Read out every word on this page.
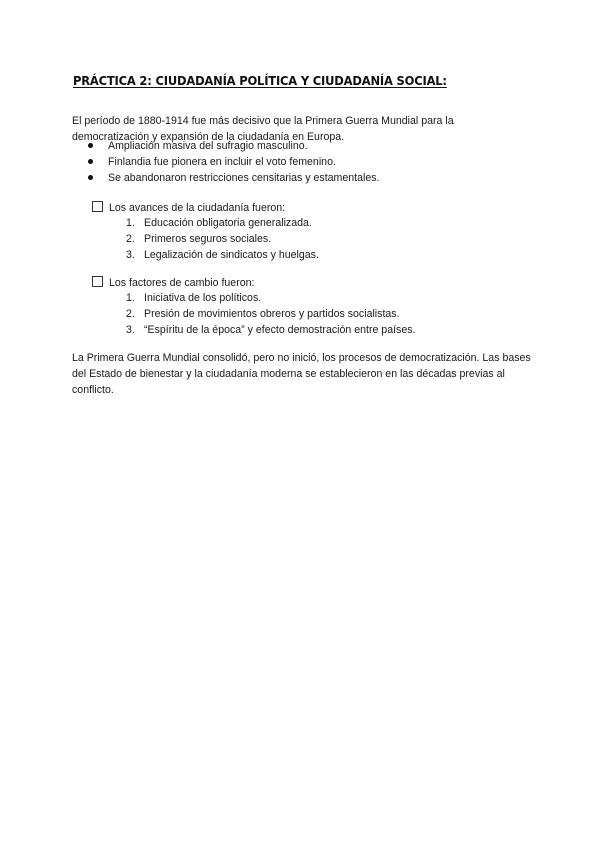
PRÁCTICA 2: CIUDADANÍA POLÍTICA Y CIUDADANÍA SOCIAL:
El período de 1880-1914 fue más decisivo que la Primera Guerra Mundial para la democratización y expansión de la ciudadanía en Europa.
Ampliación masiva del sufragio masculino.
Finlandia fue pionera en incluir el voto femenino.
Se abandonaron restricciones censitarias y estamentales.
Los avances de la ciudadanía fueron:
1. Educación obligatoria generalizada.
2. Primeros seguros sociales.
3. Legalización de sindicatos y huelgas.
Los factores de cambio fueron:
1. Iniciativa de los políticos.
2. Presión de movimientos obreros y partidos socialistas.
3. “Espíritu de la época” y efecto demostración entre países.
La Primera Guerra Mundial consolidó, pero no inició, los procesos de democratización. Las bases del Estado de bienestar y la ciudadanía moderna se establecieron en las décadas previas al conflicto.
